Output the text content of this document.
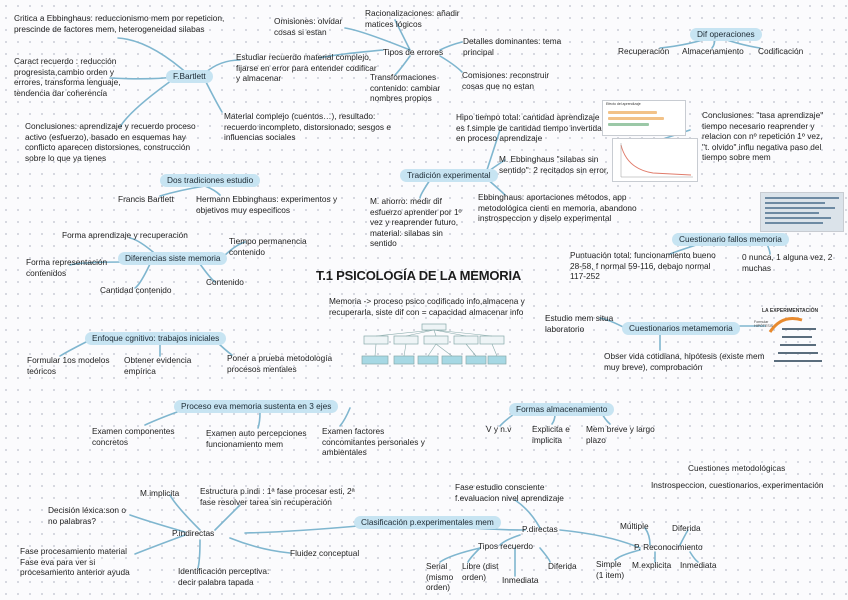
T.1 PSICOLOGÍA DE LA MEMORIA
Memoria -> proceso psico codificado info,almacena y recuperarla, siste dif con = capacidad almacenar info
Critica a Ebbinghaus: reduccionismo mem por repeticion, prescinde de factores mem, heterogeneidad silabas
Caract recuerdo : reducción progresista,cambio orden y errores, transforma lenguaje, tendencia dar coherencia
Conclusiones: aprendizaje y recuerdo proceso activo (esfuerzo), basado en esquemas hay conflicto aparecen distorsiones, construcción sobre lo que ya tienes
F.Bartlett
Estudiar recuerdo material complejo, fijarse en error para entender codificar y almacenar
Material complejo (cuentos…), resultado: recuerdo incompleto, distorsionado, sesgos e influencias sociales
Omisiones: olvidar cosas si estan
Racionalizaciones: añadir matices lógicos
Tipos de errores
Detalles dominantes: tema principal
Transformaciones contenido: cambiar nombres propios
Comisiones: reconstruir cosas que no estan
Dif operaciones
Recuperación Almacenamiento Codificación
Hipo tiempo total: cantidad aprendizaje es f.simple de cantidad tiempo invertida en proceso aprendizaje
Efecto del aprendizaje
Conclusiones: "tasa aprendizaje" tiempo necesario reaprender y relacion con nº repetición 1º vez, "t. olvido" influ negativa paso del tiempo sobre mem
Tradición experimental
M. Ebbinghaus "silabas sin sentido": 2 recitados sin error,
M. ahorro: medir dif esfuerzo aprender por 1º vez y reaprender futuro, material: silabas sin sentido
Ebbinghaus: aportaciones métodos, app metodológica cienti en memoria, abandono instrospeccion y diselo experimental
Dos tradiciones estudio
Francis Bartlett	Hermann Ebbinghaus: experimentos y objetivos muy especificos
Forma aprendizaje y recuperación
Tiempo permanencia contenido
Forma representación contenidos
Diferencias siste memoria
Contenido
Cantidad contenido
Cuestionario fallos memoria
Puntuación total: funcionamiento bueno 28-58, f normal 59-116, debajo normal 117-252
0 nunca, 1 alguna vez, 2 muchas
Estudio mem situa laboratorio	Cuestionarios metamemoria
LA EXPERIMENTACIÓN
Formular HIPÓTESIS
Obser vida cotidiana, hipótesis (existe mem muy breve), comprobación
Enfoque cgnitivo: trabajos iniciales
Formular 1os modelos teóricos
Obtener evidencia empírica
Poner a prueba metodología procesos mentales
Proceso eva memoria sustenta en 3 ejes
Examen componentes concretos
Examen auto percepciones funcionamiento mem
Examen factores concomitantes personales y ambientales
Formas almacenamiento
V y n.v Explicita e implicita
Mem breve y largo plazo
Cuestiones metodológicas
Instrospeccion, cuestionarios, experimentación
M.implicita	Estructura p.indi : 1ª fase procesar esti, 2ª fase resolver tarea sin recuperación
Decisión léxica:son o no palabras?
P.indirectas
Clasificación p.experimentales mem
Fase procesamiento material Fase eva para ver si procesamiento anterior ayuda
Fluidez conceptual
Identificación perceptiva: decir palabra tapada
Fase estudio consciente f.evaluacion nivel aprendizaje
P.directas
Tipos recuerdo
Serial (mismo orden)
Libre (dist orden)	Inmediata
Diferida
Múltiple	Diferida
P. Reconocimiento
Simple (1 item)
M.explicita Inmediata
